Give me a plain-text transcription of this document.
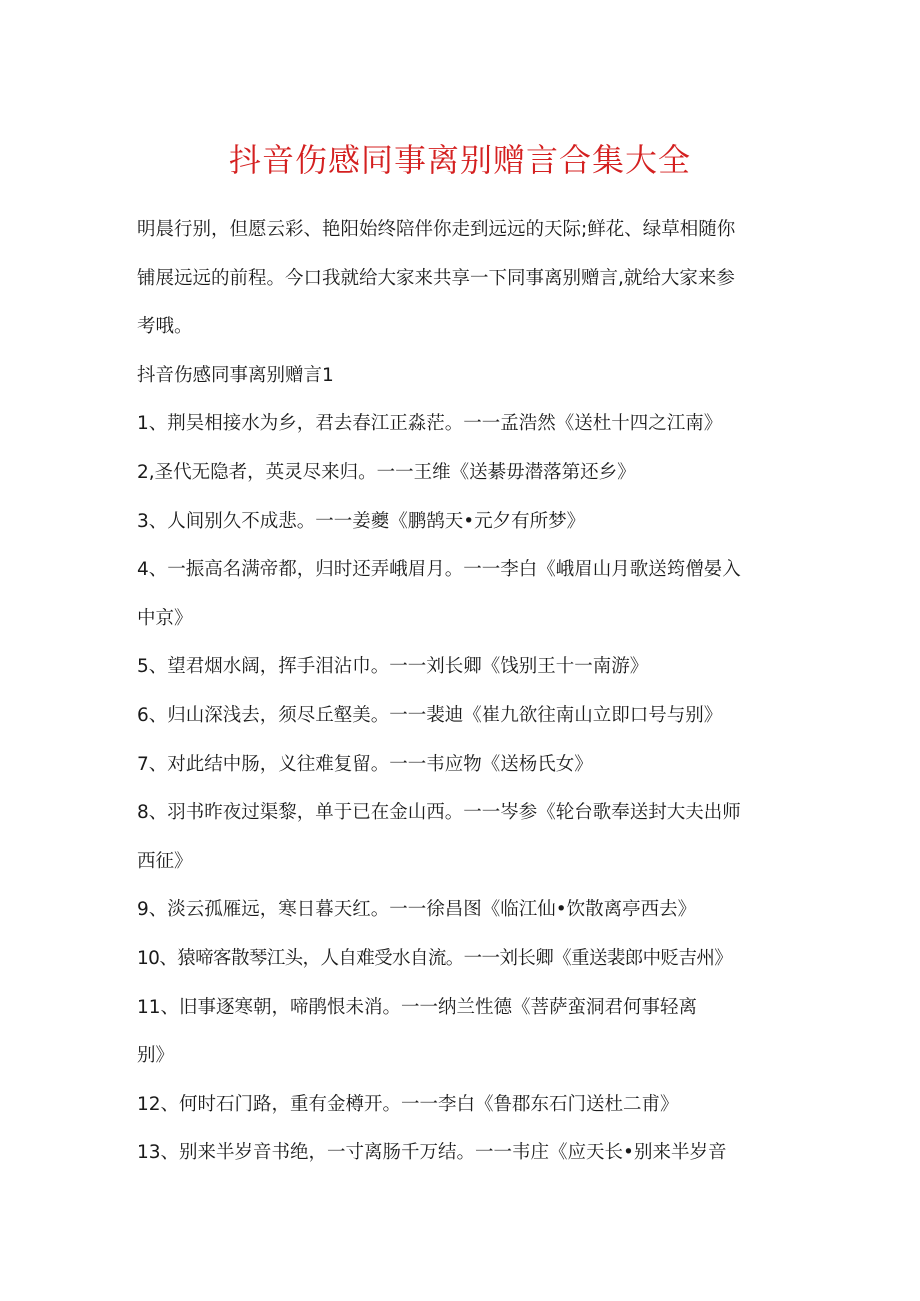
抖音伤感同事离别赠言合集大全
明晨行别，但愿云彩、艳阳始终陪伴你走到远远的天际;鲜花、绿草相随你
铺展远远的前程。今口我就给大家来共享一下同事离别赠言,就给大家来参
考哦。
抖音伤感同事离别赠言1
1、荆吴相接水为乡，君去春江正淼茫。一一孟浩然《送杜十四之江南》
2,圣代无隐者，英灵尽来归。一一王维《送綦毋潜落第还乡》
3、人间别久不成悲。一一姜夔《鹏鹄天•元夕有所梦》
4、一振高名满帝都，归时还弄峨眉月。一一李白《峨眉山月歌送筠僧晏入
中京》
5、望君烟水阔，挥手泪沾巾。一一刘长卿《饯别王十一南游》
6、归山深浅去，须尽丘壑美。一一裴迪《崔九欲往南山立即口号与别》
7、对此结中肠，义往难复留。一一韦应物《送杨氏女》
8、羽书昨夜过渠黎，单于已在金山西。一一岑参《轮台歌奉送封大夫出师
西征》
9、淡云孤雁远，寒日暮天红。一一徐昌图《临江仙•饮散离亭西去》
10、猿啼客散琴江头，人自难受水自流。一一刘长卿《重送裴郎中贬吉州》
11、旧事逐寒朝，啼鹃恨未消。一一纳兰性德《菩萨蛮洞君何事轻离
别》
12、何时石门路，重有金樽开。一一李白《鲁郡东石门送杜二甫》
13、别来半岁音书绝，一寸离肠千万结。一一韦庄《应天长•别来半岁音
